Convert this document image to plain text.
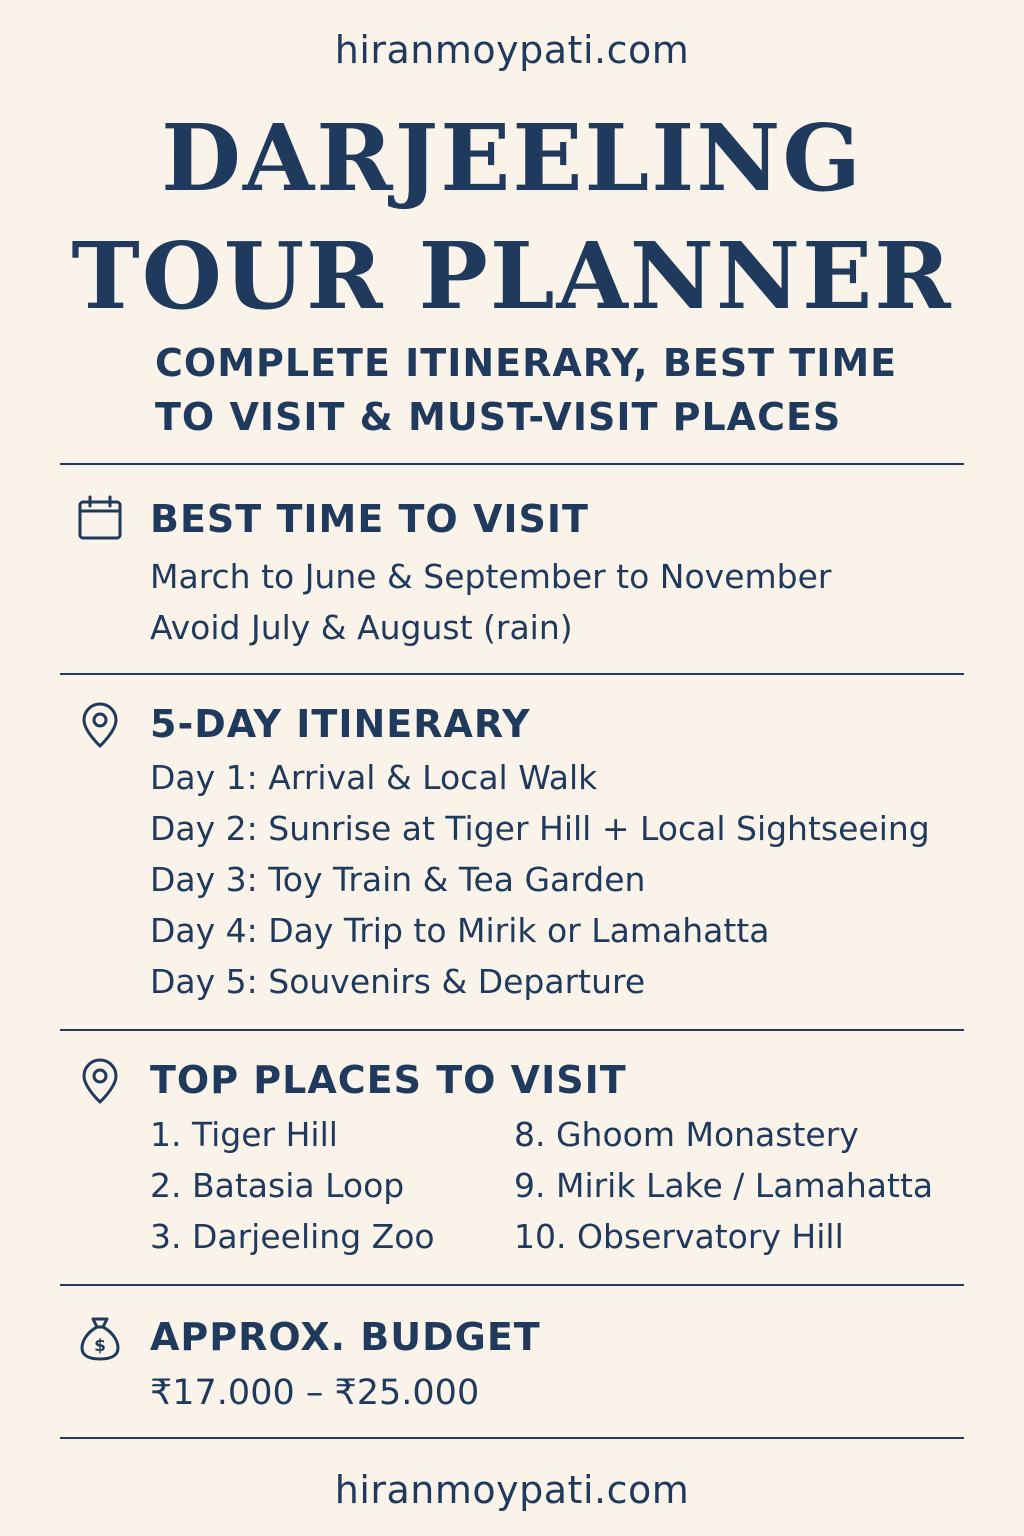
hiranmoypati.com
DARJEELING
TOUR PLANNER
COMPLETE ITINERARY, BEST TIME
TO VISIT & MUST-VISIT PLACES
BEST TIME TO VISIT
March to June & September to November
Avoid July & August (rain)
5-DAY ITINERARY
Day 1: Arrival & Local Walk
Day 2: Sunrise at Tiger Hill + Local Sightseeing
Day 3: Toy Train & Tea Garden
Day 4: Day Trip to Mirik or Lamahatta
Day 5: Souvenirs & Departure
TOP PLACES TO VISIT
1. Tiger Hill
2. Batasia Loop
3. Darjeeling Zoo
8. Ghoom Monastery
9. Mirik Lake / Lamahatta
10. Observatory Hill
$ APPROX. BUDGET
₹17.000 – ₹25.000
hiranmoypati.com
